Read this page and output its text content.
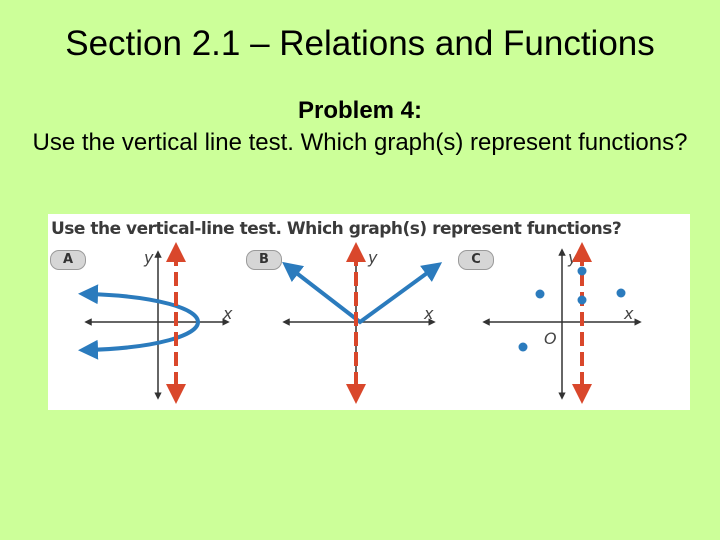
Section 2.1 – Relations and Functions
Problem 4:
Use the vertical line test. Which graph(s) represent functions?
Use the vertical-line test. Which graph(s) represent functions?
A	y
x
B	y
x
C	y
x
O
